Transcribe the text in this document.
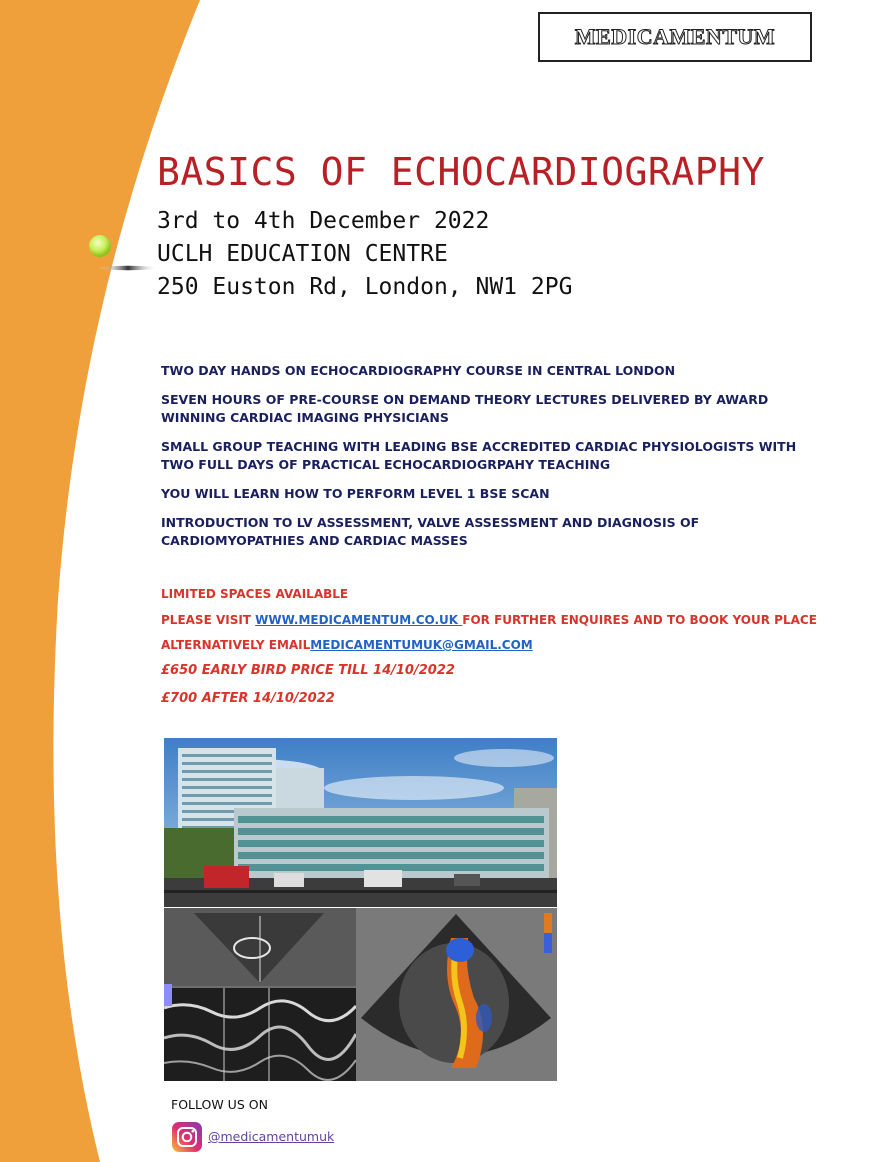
MEDICAMENTUM
BASICS OF ECHOCARDIOGRAPHY
3rd to 4th December 2022
UCLH EDUCATION CENTRE
250 Euston Rd, London, NW1 2PG
TWO DAY HANDS ON ECHOCARDIOGRAPHY COURSE IN CENTRAL LONDON
SEVEN HOURS OF PRE-COURSE ON DEMAND THEORY LECTURES DELIVERED BY AWARD WINNING CARDIAC IMAGING PHYSICIANS
SMALL GROUP TEACHING WITH LEADING BSE ACCREDITED CARDIAC PHYSIOLOGISTS WITH TWO FULL DAYS OF PRACTICAL ECHOCARDIOGRPAHY TEACHING
YOU WILL LEARN HOW TO PERFORM LEVEL 1 BSE SCAN
INTRODUCTION TO LV ASSESSMENT, VALVE ASSESSMENT AND DIAGNOSIS OF CARDIOMYOPATHIES AND CARDIAC MASSES
LIMITED SPACES AVAILABLE
PLEASE VISIT WWW.MEDICAMENTUM.CO.UK FOR FURTHER ENQUIRES AND TO BOOK YOUR PLACE
ALTERNATIVELY EMAILMEDICAMENTUMUK@GMAIL.COM
£650 EARLY BIRD PRICE TILL 14/10/2022
£700 AFTER 14/10/2022
FOLLOW US ON
@medicamentumuk
